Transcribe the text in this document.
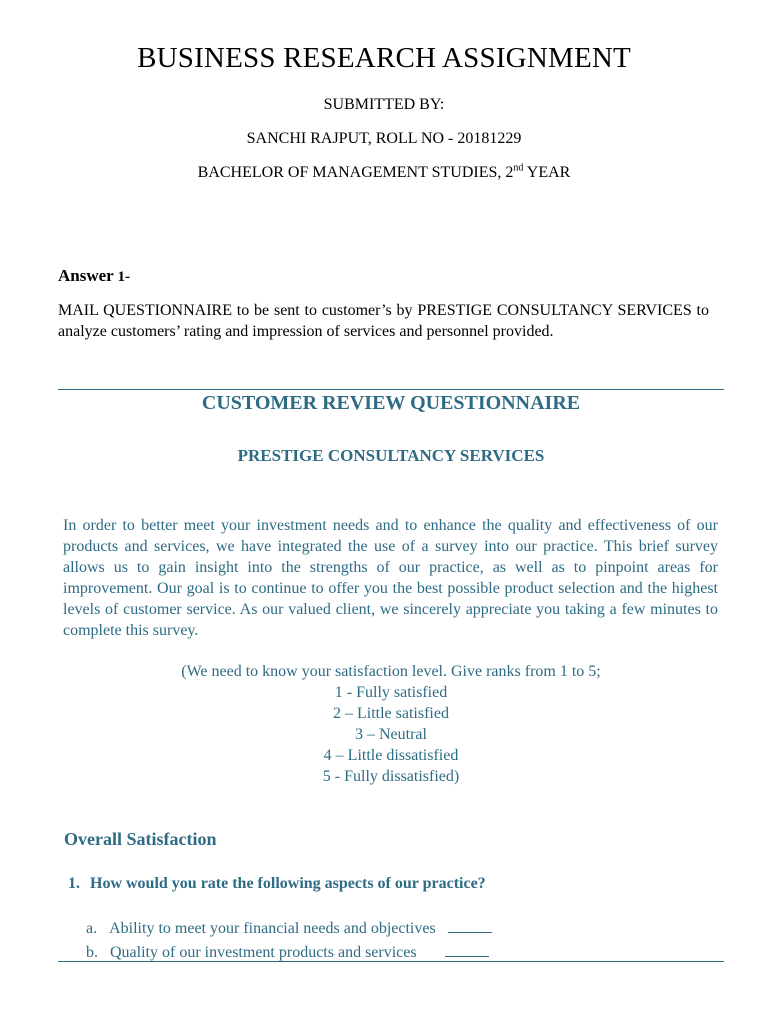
BUSINESS RESEARCH ASSIGNMENT
SUBMITTED BY:
SANCHI RAJPUT, ROLL NO - 20181229
BACHELOR OF MANAGEMENT STUDIES, 2nd YEAR
Answer 1-
MAIL QUESTIONNAIRE to be sent to customer’s by PRESTIGE CONSULTANCY SERVICES to analyze customers’ rating and impression of services and personnel provided.
CUSTOMER REVIEW QUESTIONNAIRE
PRESTIGE CONSULTANCY SERVICES
In order to better meet your investment needs and to enhance the quality and effectiveness of our products and services, we have integrated the use of a survey into our practice. This brief survey allows us to gain insight into the strengths of our practice, as well as to pinpoint areas for improvement. Our goal is to continue to offer you the best possible product selection and the highest levels of customer service. As our valued client, we sincerely appreciate you taking a few minutes to complete this survey.
(We need to know your satisfaction level. Give ranks from 1 to 5;
1 - Fully satisfied
2 – Little satisfied
3 – Neutral
4 – Little dissatisfied
5 - Fully dissatisfied)
Overall Satisfaction
1. How would you rate the following aspects of our practice?
a. Ability to meet your financial needs and objectives
b. Quality of our investment products and services
